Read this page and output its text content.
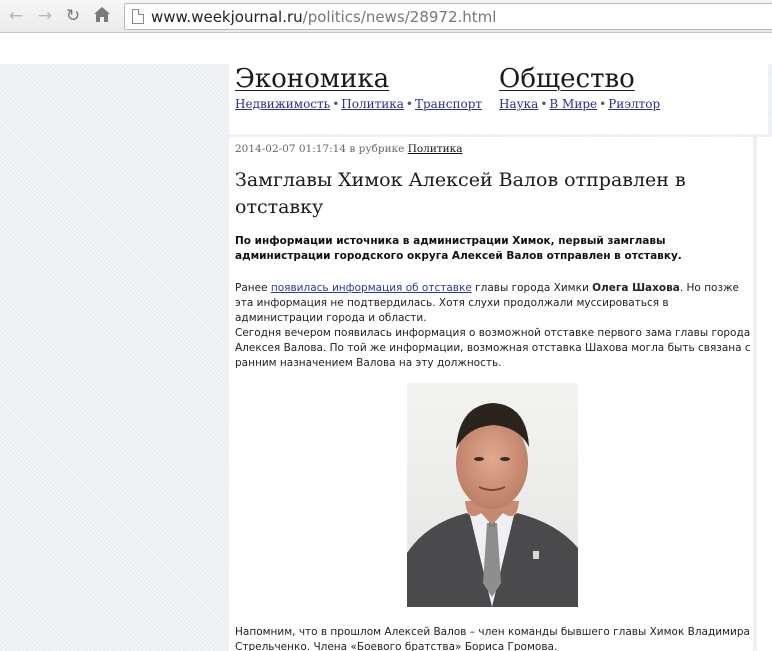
← → ↻	www.weekjournal.ru/politics/news/28972.html
Экономика
Недвижимость • Политика • Транспорт
Общество
Наука • В Мире • Риэлтор
2014-02-07 01:17:14 в рубрике Политика
Замглавы Химок Алексей Валов отправлен в отставку

По информации источника в администрации Химок, первый замглавы администрации городского округа Алексей Валов отправлен в отставку.

Ранее появилась информация об отставке главы города Химки Олега Шахова. Но позже эта информация не подтвердилась. Хотя слухи продолжали муссироваться в администрации города и области.

Сегодня вечером появилась информация о возможной отставке первого зама главы города Алексея Валова. По той же информации, возможная отставка Шахова могла быть связана с ранним назначением Валова на эту должность.

Напомним, что в прошлом Алексей Валов – член команды бывшего главы Химок Владимира Стрельченко. Члена «Боевого братства» Бориса Громова.
